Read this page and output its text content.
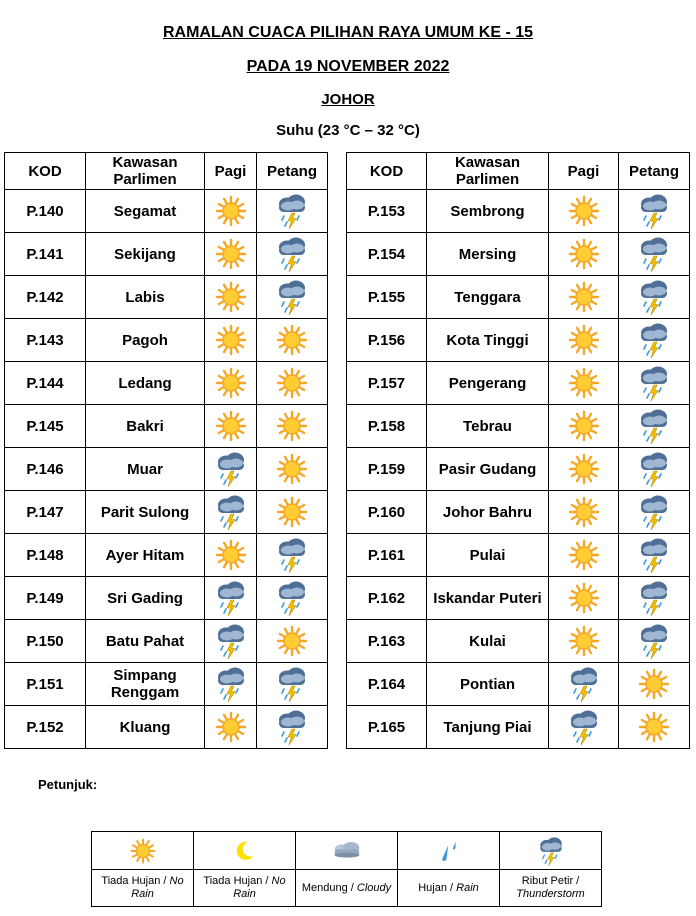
RAMALAN CUACA PILIHAN RAYA UMUM KE - 15
PADA 19 NOVEMBER 2022
JOHOR
Suhu (23 °C – 32 °C)
KOD	Kawasan Parlimen	Pagi	Petang
P.140	Segamat	

P.141	Sekijang	

P.142	Labis	

P.143	Pagoh	

P.144	Ledang	

P.145	Bakri	

P.146	Muar	

P.147	Parit Sulong	

P.148	Ayer Hitam	

P.149	Sri Gading	

P.150	Batu Pahat	

P.151	Simpang Renggam	

P.152	Kluang	

KOD	Kawasan Parlimen	Pagi	Petang
P.153	Sembrong	

P.154	Mersing	

P.155	Tenggara	

P.156	Kota Tinggi	

P.157	Pengerang	

P.158	Tebrau	

P.159	Pasir Gudang	

P.160	Johor Bahru	

P.161	Pulai	

P.162	Iskandar Puteri	

P.163	Kulai	

P.164	Pontian	

P.165	Tanjung Piai	

Petunjuk:

Tiada Hujan / No Rain	Tiada Hujan / No Rain	Mendung / Cloudy	Hujan / Rain	Ribut Petir / Thunderstorm
